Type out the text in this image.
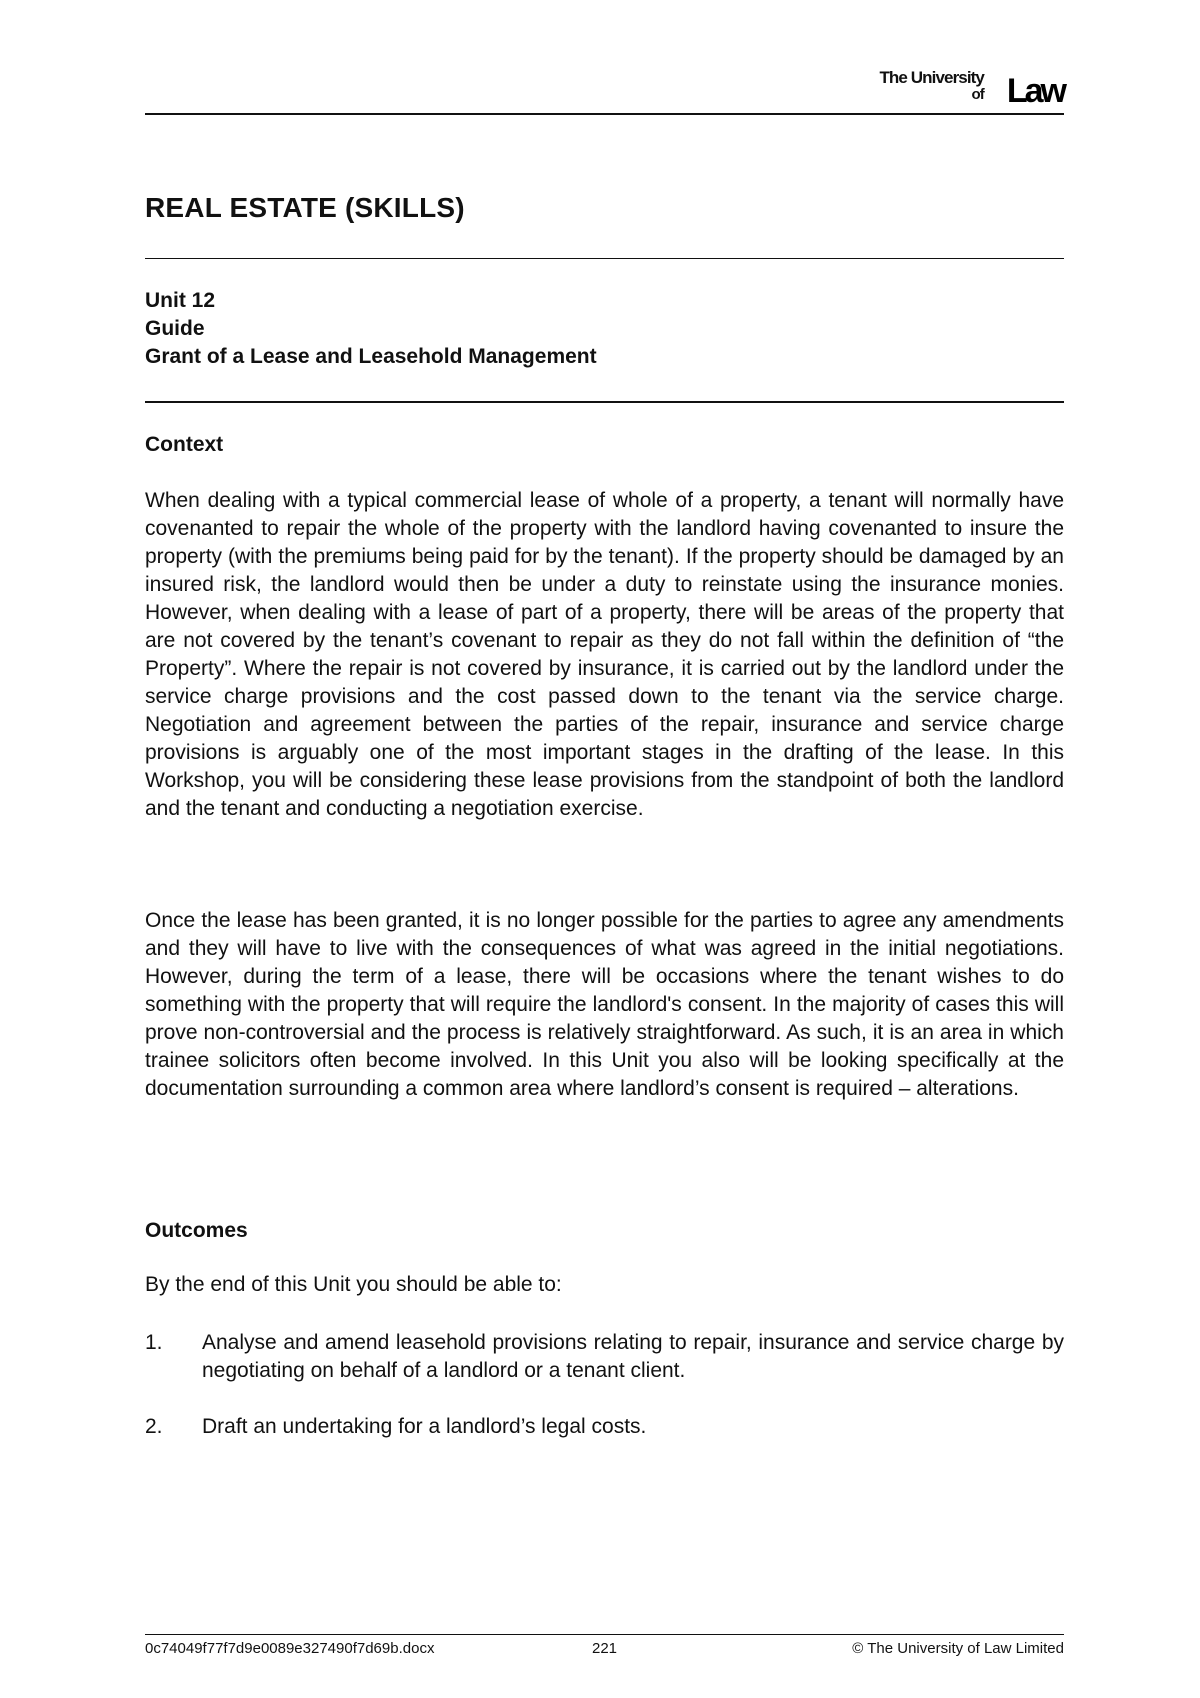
The University
of Law
REAL ESTATE (SKILLS)
Unit 12
Guide
Grant of a Lease and Leasehold Management
Context

When dealing with a typical commercial lease of whole of a property, a tenant will normally have covenanted to repair the whole of the property with the landlord having covenanted to insure the property (with the premiums being paid for by the tenant). If the property should be damaged by an insured risk, the landlord would then be under a duty to reinstate using the insurance monies. However, when dealing with a lease of part of a property, there will be areas of the property that are not covered by the tenant’s covenant to repair as they do not fall within the definition of “the Property”. Where the repair is not covered by insurance, it is carried out by the landlord under the service charge provisions and the cost passed down to the tenant via the service charge. Negotiation and agreement between the parties of the repair, insurance and service charge provisions is arguably one of the most important stages in the drafting of the lease. In this Workshop, you will be considering these lease provisions from the standpoint of both the landlord and the tenant and conducting a negotiation exercise.

Once the lease has been granted, it is no longer possible for the parties to agree any amendments and they will have to live with the consequences of what was agreed in the initial negotiations. However, during the term of a lease, there will be occasions where the tenant wishes to do something with the property that will require the landlord's consent. In the majority of cases this will prove non-controversial and the process is relatively straightforward. As such, it is an area in which trainee solicitors often become involved. In this Unit you also will be looking specifically at the documentation surrounding a common area where landlord’s consent is required – alterations.

Outcomes

By the end of this Unit you should be able to:

1. Analyse and amend leasehold provisions relating to repair, insurance and service charge by negotiating on behalf of a landlord or a tenant client.
2. Draft an undertaking for a landlord’s legal costs.
0c74049f77f7d9e0089e327490f7d69b.docx	221	© The University of Law Limited
